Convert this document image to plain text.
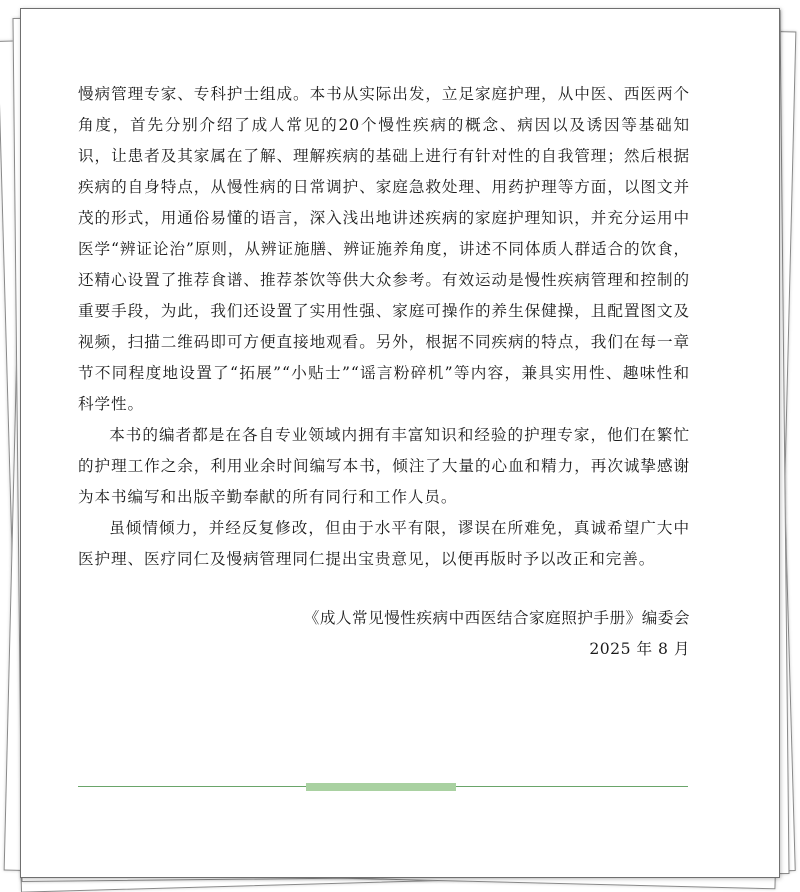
慢病管理专家、专科护士组成。本书从实际出发，立足家庭护理，从中医、西医两个角度，首先分别介绍了成人常见的20个慢性疾病的概念、病因以及诱因等基础知识，让患者及其家属在了解、理解疾病的基础上进行有针对性的自我管理；然后根据疾病的自身特点，从慢性病的日常调护、家庭急救处理、用药护理等方面，以图文并茂的形式，用通俗易懂的语言，深入浅出地讲述疾病的家庭护理知识，并充分运用中医学“辨证论治”原则，从辨证施膳、辨证施养角度，讲述不同体质人群适合的饮食，还精心设置了推荐食谱、推荐茶饮等供大众参考。有效运动是慢性疾病管理和控制的重要手段，为此，我们还设置了实用性强、家庭可操作的养生保健操，且配置图文及视频，扫描二维码即可方便直接地观看。另外，根据不同疾病的特点，我们在每一章节不同程度地设置了“拓展”“小贴士”“谣言粉碎机”等内容，兼具实用性、趣味性和科学性。

本书的编者都是在各自专业领域内拥有丰富知识和经验的护理专家，他们在繁忙的护理工作之余，利用业余时间编写本书，倾注了大量的心血和精力，再次诚挚感谢为本书编写和出版辛勤奉献的所有同行和工作人员。

虽倾情倾力，并经反复修改，但由于水平有限，谬误在所难免，真诚希望广大中医护理、医疗同仁及慢病管理同仁提出宝贵意见，以便再版时予以改正和完善。

《成人常见慢性疾病中西医结合家庭照护手册》编委会

2025 年 8 月
